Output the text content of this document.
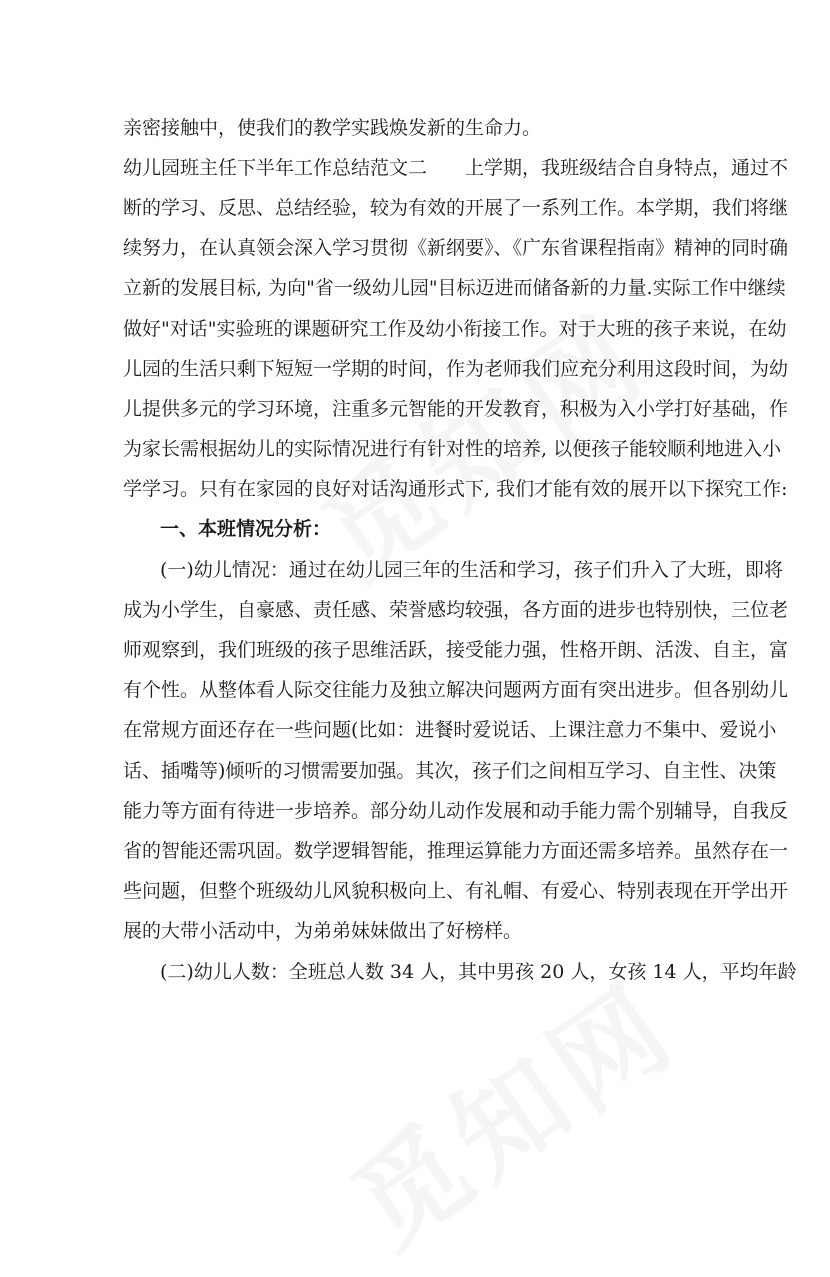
亲密接触中，使我们的教学实践焕发新的生命力。
幼儿园班主任下半年工作总结范文二　　上学期，我班级结合自身特点，通过不
断的学习、反思、总结经验，较为有效的开展了一系列工作。本学期，我们将继
续努力，在认真领会深入学习贯彻《新纲要》、《广东省课程指南》精神的同时确
立新的发展目标, 为向"省一级幼儿园"目标迈进而储备新的力量.实际工作中继续
做好"对话"实验班的课题研究工作及幼小衔接工作。对于大班的孩子来说，在幼
儿园的生活只剩下短短一学期的时间，作为老师我们应充分利用这段时间，为幼
儿提供多元的学习环境，注重多元智能的开发教育，积极为入小学打好基础，作
为家长需根据幼儿的实际情况进行有针对性的培养, 以便孩子能较顺利地进入小
学学习。只有在家园的良好对话沟通形式下, 我们才能有效的展开以下探究工作:
一、本班情况分析：
(一)幼儿情况：通过在幼儿园三年的生活和学习，孩子们升入了大班，即将
成为小学生，自豪感、责任感、荣誉感均较强，各方面的进步也特别快，三位老
师观察到，我们班级的孩子思维活跃，接受能力强，性格开朗、活泼、自主，富
有个性。从整体看人际交往能力及独立解决问题两方面有突出进步。但各别幼儿
在常规方面还存在一些问题(比如：进餐时爱说话、上课注意力不集中、爱说小
话、插嘴等)倾听的习惯需要加强。其次，孩子们之间相互学习、自主性、决策
能力等方面有待进一步培养。部分幼儿动作发展和动手能力需个别辅导，自我反
省的智能还需巩固。数学逻辑智能，推理运算能力方面还需多培养。虽然存在一
些问题，但整个班级幼儿风貌积极向上、有礼帽、有爱心、特别表现在开学出开
展的大带小活动中，为弟弟妹妹做出了好榜样。
(二)幼儿人数：全班总人数 34 人，其中男孩 20 人，女孩 14 人，平均年龄
